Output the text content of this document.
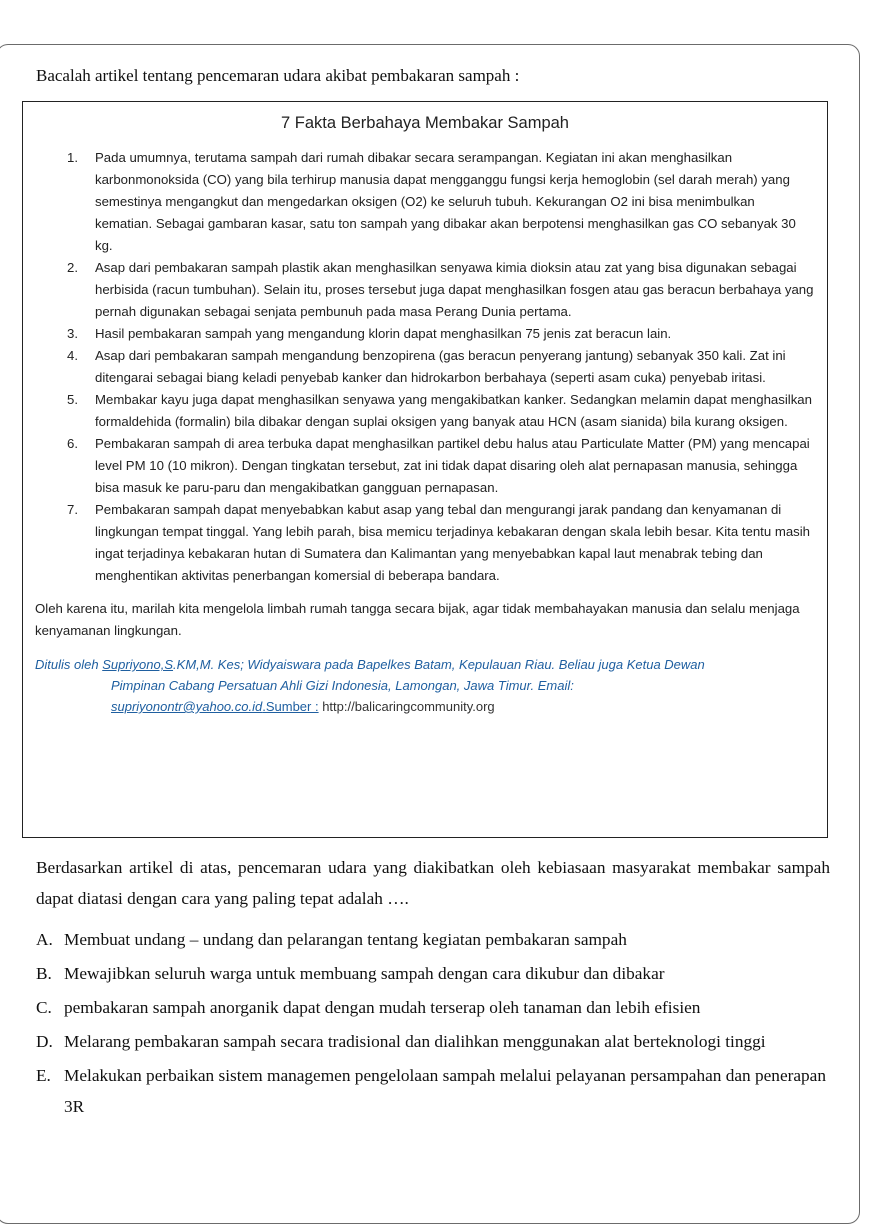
Bacalah artikel tentang pencemaran udara akibat pembakaran sampah :

7 Fakta Berbahaya Membakar Sampah
1. Pada umumnya, terutama sampah dari rumah dibakar secara serampangan. Kegiatan ini akan menghasilkan karbonmonoksida (CO) yang bila terhirup manusia dapat mengganggu fungsi kerja hemoglobin (sel darah merah) yang semestinya mengangkut dan mengedarkan oksigen (O2) ke seluruh tubuh. Kekurangan O2 ini bisa menimbulkan kematian. Sebagai gambaran kasar, satu ton sampah yang dibakar akan berpotensi menghasilkan gas CO sebanyak 30 kg.
2. Asap dari pembakaran sampah plastik akan menghasilkan senyawa kimia dioksin atau zat yang bisa digunakan sebagai herbisida (racun tumbuhan). Selain itu, proses tersebut juga dapat menghasilkan fosgen atau gas beracun berbahaya yang pernah digunakan sebagai senjata pembunuh pada masa Perang Dunia pertama.
3. Hasil pembakaran sampah yang mengandung klorin dapat menghasilkan 75 jenis zat beracun lain.
4. Asap dari pembakaran sampah mengandung benzopirena (gas beracun penyerang jantung) sebanyak 350 kali. Zat ini ditengarai sebagai biang keladi penyebab kanker dan hidrokarbon berbahaya (seperti asam cuka) penyebab iritasi.
5. Membakar kayu juga dapat menghasilkan senyawa yang mengakibatkan kanker. Sedangkan melamin dapat menghasilkan formaldehida (formalin) bila dibakar dengan suplai oksigen yang banyak atau HCN (asam sianida) bila kurang oksigen.
6. Pembakaran sampah di area terbuka dapat menghasilkan partikel debu halus atau Particulate Matter (PM) yang mencapai level PM 10 (10 mikron). Dengan tingkatan tersebut, zat ini tidak dapat disaring oleh alat pernapasan manusia, sehingga bisa masuk ke paru-paru dan mengakibatkan gangguan pernapasan.
7. Pembakaran sampah dapat menyebabkan kabut asap yang tebal dan mengurangi jarak pandang dan kenyamanan di lingkungan tempat tinggal. Yang lebih parah, bisa memicu terjadinya kebakaran dengan skala lebih besar. Kita tentu masih ingat terjadinya kebakaran hutan di Sumatera dan Kalimantan yang menyebabkan kapal laut menabrak tebing dan menghentikan aktivitas penerbangan komersial di beberapa bandara.

Oleh karena itu, marilah kita mengelola limbah rumah tangga secara bijak, agar tidak membahayakan manusia dan selalu menjaga kenyamanan lingkungan.

Ditulis oleh Supriyono,S.KM,M. Kes; Widyaiswara pada Bapelkes Batam, Kepulauan Riau. Beliau juga Ketua Dewan
Pimpinan Cabang Persatuan Ahli Gizi Indonesia, Lamongan, Jawa Timur. Email:
supriyonontr@yahoo.co.id.Sumber : http://balicaringcommunity.org

Berdasarkan artikel di atas, pencemaran udara yang diakibatkan oleh kebiasaan masyarakat membakar sampah dapat diatasi dengan cara yang paling tepat adalah ….

A. Membuat undang – undang dan pelarangan tentang kegiatan pembakaran sampah
B. Mewajibkan seluruh warga untuk membuang sampah dengan cara dikubur dan dibakar
C. pembakaran sampah anorganik dapat dengan mudah terserap oleh tanaman dan lebih efisien
D. Melarang pembakaran sampah secara tradisional dan dialihkan menggunakan alat berteknologi tinggi
E. Melakukan perbaikan sistem managemen pengelolaan sampah melalui pelayanan persampahan dan penerapan 3R
